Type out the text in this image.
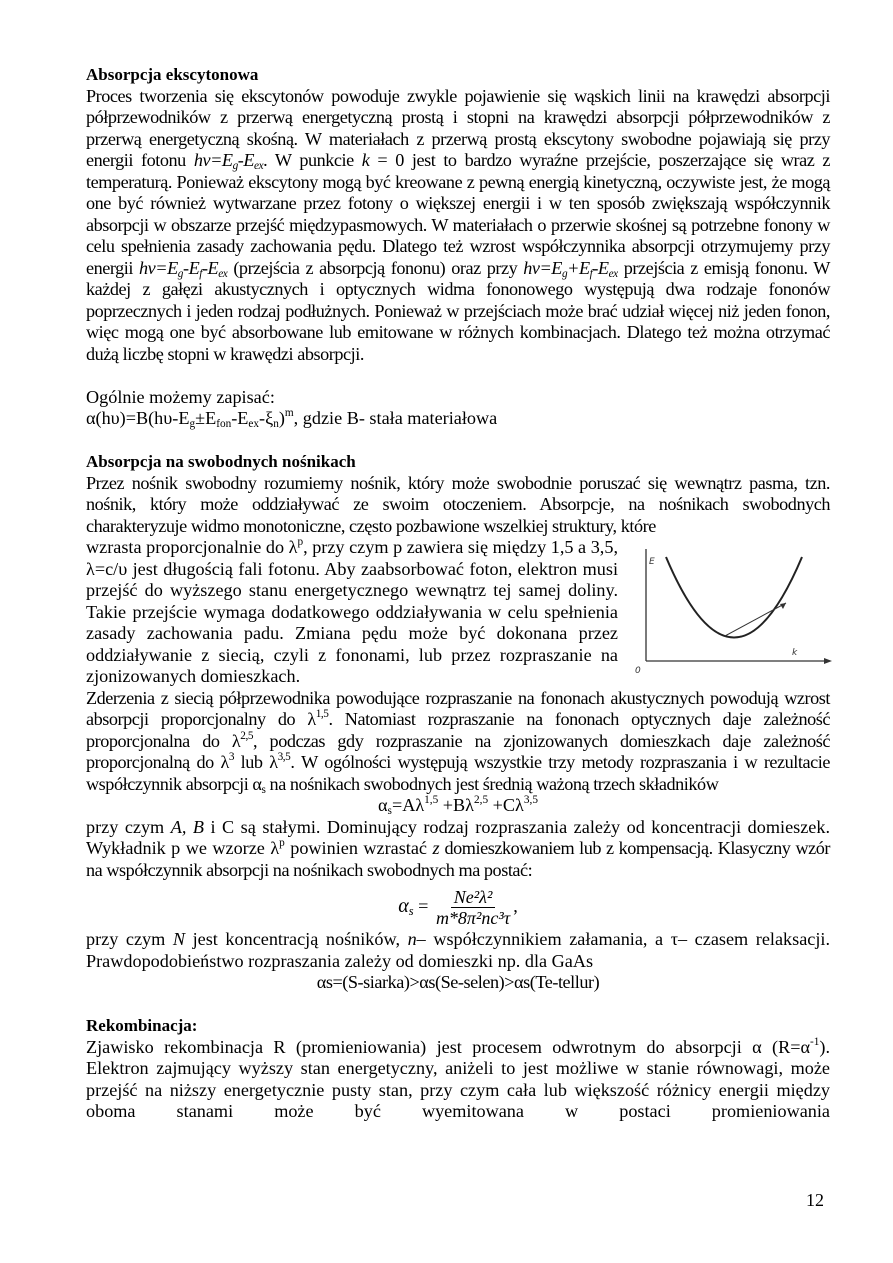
Absorpcja ekscytonowa

Proces tworzenia się ekscytonów powoduje zwykle pojawienie się wąskich linii na krawędzi absorpcji półprzewodników z przerwą energetyczną prostą i stopni na krawędzi absorpcji półprzewodników z przerwą energetyczną skośną. W materiałach z przerwą prostą ekscytony swobodne pojawiają się przy energii fotonu $hv=E_g-E_{ex}$. W punkcie k = 0 jest to bardzo wyraźne przejście, poszerzające się wraz z temperaturą. Ponieważ ekscytony mogą być kreowane z pewną energią kinetyczną, oczywiste jest, że mogą one być również wytwarzane przez fotony o większej energii i w ten sposób zwiększają współczynnik absorpcji w obszarze przejść międzypasmowych. W materiałach o przerwie skośnej są potrzebne fonony w celu spełnienia zasady zachowania pędu. Dlatego też wzrost współczynnika absorpcji otrzymujemy przy energii $hv=E_g-E_f-E_{ex}$ (przejścia z absorpcją fononu) oraz przy $hv=E_g+E_f-E_{ex}$ przejścia z emisją fononu. W każdej z gałęzi akustycznych i optycznych widma fononowego występują dwa rodzaje fononów poprzecznych i jeden rodzaj podłużnych. Ponieważ w przejściach może brać udział więcej niż jeden fonon, więc mogą one być absorbowane lub emitowane w różnych kombinacjach. Dlatego też można otrzymać dużą liczbę stopni w krawędzi absorpcji.

Ogólnie możemy zapisać:

$\alpha(h\upsilon)=B(h\upsilon-E_g\pm E_{fon}-E_{ex}-\xi_n)^m$, gdzie B- stała materiałowa

Absorpcja na swobodnych nośnikach

Przez nośnik swobodny rozumiemy nośnik, który może swobodnie poruszać się wewnątrz pasma, tzn. nośnik, który może oddziaływać ze swoim otoczeniem. Absorpcje, na nośnikach swobodnych charakteryzuje widmo monotoniczne, często pozbawione wszelkiej struktury, które

E
k
0

wzrasta proporcjonalnie do $\lambda^p$, przy czym p zawiera się między 1,5 a 3,5, λ=c/υ jest długością fali fotonu. Aby zaabsorbować foton, elektron musi przejść do wyższego stanu energetycznego wewnątrz tej samej doliny. Takie przejście wymaga dodatkowego oddziaływania w celu spełnienia zasady zachowania padu. Zmiana pędu może być dokonana przez oddziaływanie z siecią, czyli z fononami, lub przez rozpraszanie na zjonizowanych domieszkach.

Zderzenia z siecią półprzewodnika powodujące rozpraszanie na fononach akustycznych powodują wzrost absorpcji proporcjonalny do $\lambda^{1,5}$. Natomiast rozpraszanie na fononach optycznych daje zależność proporcjonalna do $\lambda^{2,5}$, podczas gdy rozpraszanie na zjonizowanych domieszkach daje zależność proporcjonalną do $\lambda^3$ lub $\lambda^{3,5}$. W ogólności występują wszystkie trzy metody rozpraszania i w rezultacie współczynnik absorpcji $\alpha_s$ na nośnikach swobodnych jest średnią ważoną trzech składników

$\alpha_s=A\lambda^{1,5} +B\lambda^{2,5} +C\lambda^{3,5}$

przy czym A, B i C są stałymi. Dominujący rodzaj rozpraszania zależy od koncentracji domieszek. Wykładnik p we wzorze $\lambda^p$ powinien wzrastać z domieszkowaniem lub z kompensacją. Klasyczny wzór na współczynnik absorpcji na nośnikach swobodnych ma postać:

$\alpha_s = \frac{\text{Ne²λ²}}{\text{m*8π²nc³τ}}$ ,

przy czym N jest koncentracją nośników, n– współczynnikiem załamania, a τ– czasem relaksacji. Prawdopodobieństwo rozpraszania zależy od domieszki np. dla GaAs

αs=(S-siarka)>αs(Se-selen)>αs(Te-tellur)

Rekombinacja:

Zjawisko rekombinacja R (promieniowania) jest procesem odwrotnym do absorpcji α $(R=\alpha^{-1})$. Elektron zajmujący wyższy stan energetyczny, aniżeli to jest możliwe w stanie równowagi, może przejść na niższy energetycznie pusty stan, przy czym cała lub większość różnicy energii między oboma stanami może być wyemitowana w postaci promieniowania

12
